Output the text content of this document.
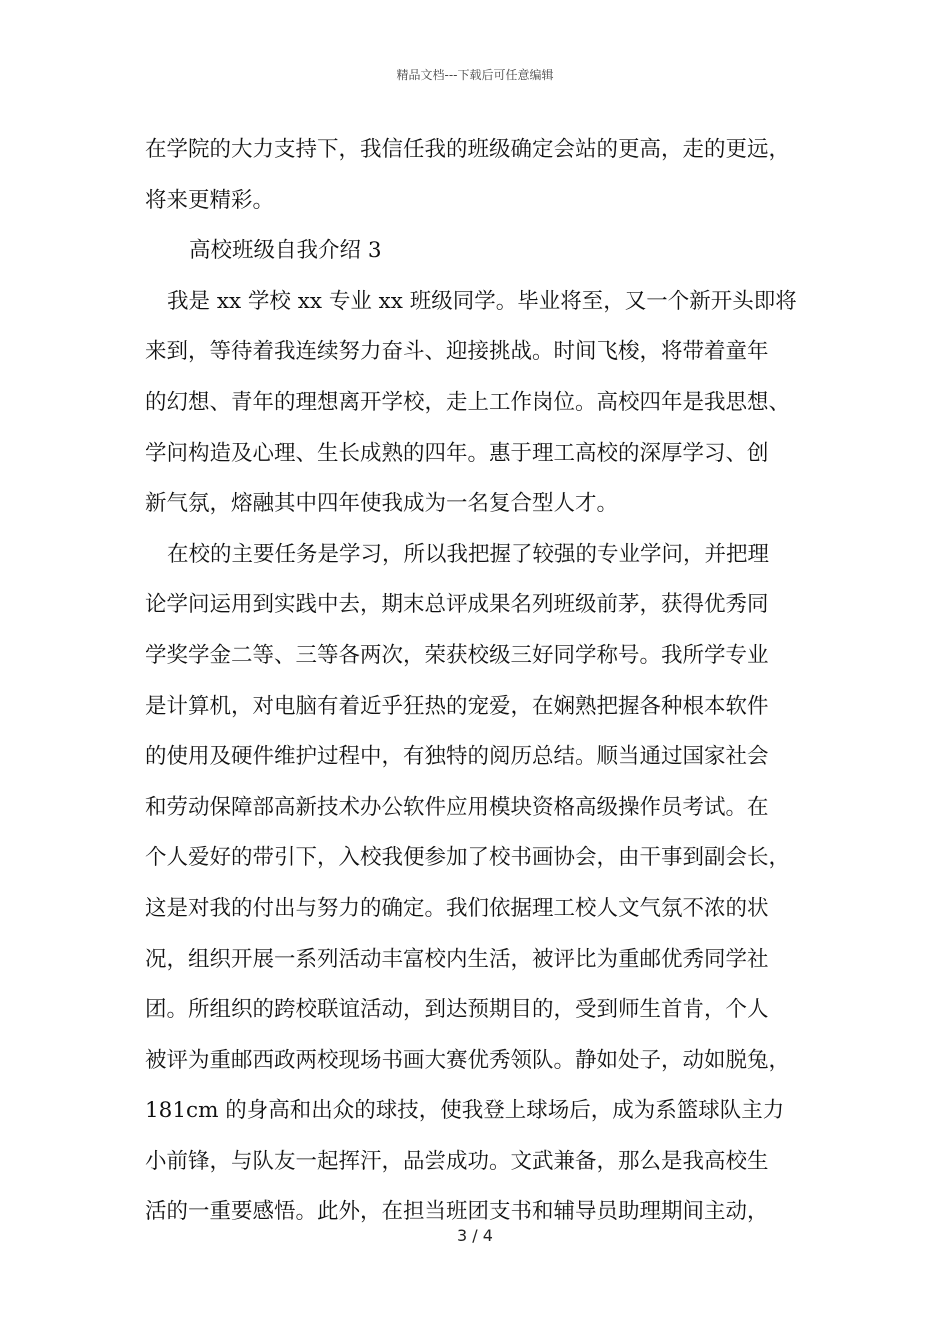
精品文档---下载后可任意编辑
在学院的大力支持下，我信任我的班级确定会站的更高，走的更远，
将来更精彩。
高校班级自我介绍 3
我是 xx 学校 xx 专业 xx 班级同学。毕业将至，又一个新开头即将
来到，等待着我连续努力奋斗、迎接挑战。时间飞梭，将带着童年
的幻想、青年的理想离开学校，走上工作岗位。高校四年是我思想、
学问构造及心理、生长成熟的四年。惠于理工高校的深厚学习、创
新气氛，熔融其中四年使我成为一名复合型人才。
在校的主要任务是学习，所以我把握了较强的专业学问，并把理
论学问运用到实践中去，期末总评成果名列班级前茅，获得优秀同
学奖学金二等、三等各两次，荣获校级三好同学称号。我所学专业
是计算机，对电脑有着近乎狂热的宠爱，在娴熟把握各种根本软件
的使用及硬件维护过程中，有独特的阅历总结。顺当通过国家社会
和劳动保障部高新技术办公软件应用模块资格高级操作员考试。在
个人爱好的带引下，入校我便参加了校书画协会，由干事到副会长，
这是对我的付出与努力的确定。我们依据理工校人文气氛不浓的状
况，组织开展一系列活动丰富校内生活，被评比为重邮优秀同学社
团。所组织的跨校联谊活动，到达预期目的，受到师生首肯，个人
被评为重邮西政两校现场书画大赛优秀领队。静如处子，动如脱兔，
181cm 的身高和出众的球技，使我登上球场后，成为系篮球队主力
小前锋，与队友一起挥汗，品尝成功。文武兼备，那么是我高校生
活的一重要感悟。此外，在担当班团支书和辅导员助理期间主动，
3 / 4
